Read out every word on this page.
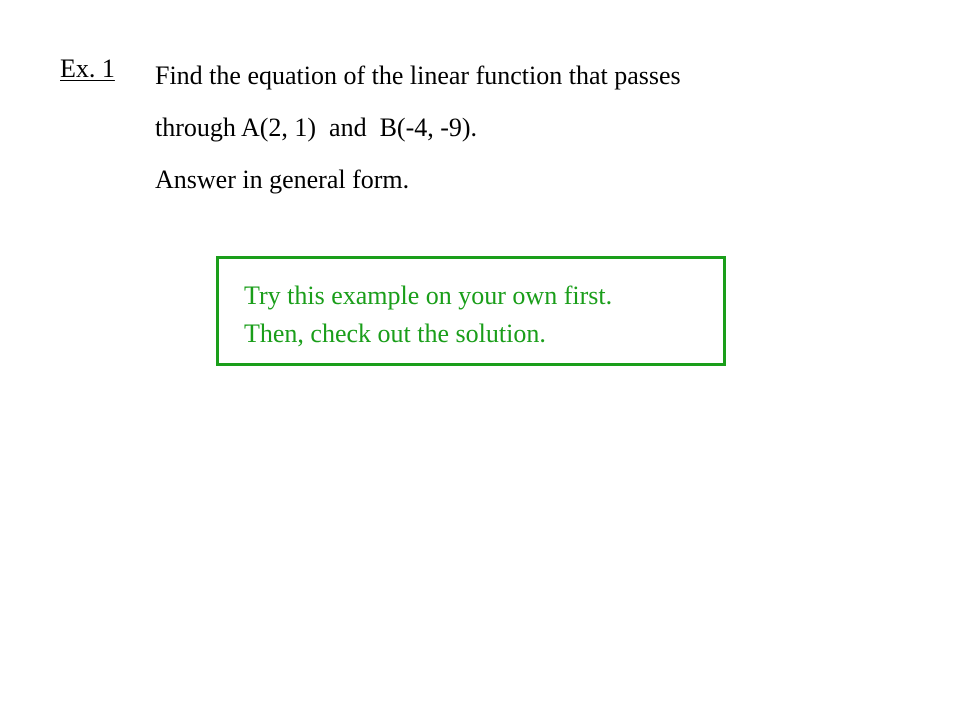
Ex. 1 Find the equation of the linear function that passes
through A(2, 1)  and  B(-4, -9).
Answer in general form.
Try this example on your own first.
Then, check out the solution.
